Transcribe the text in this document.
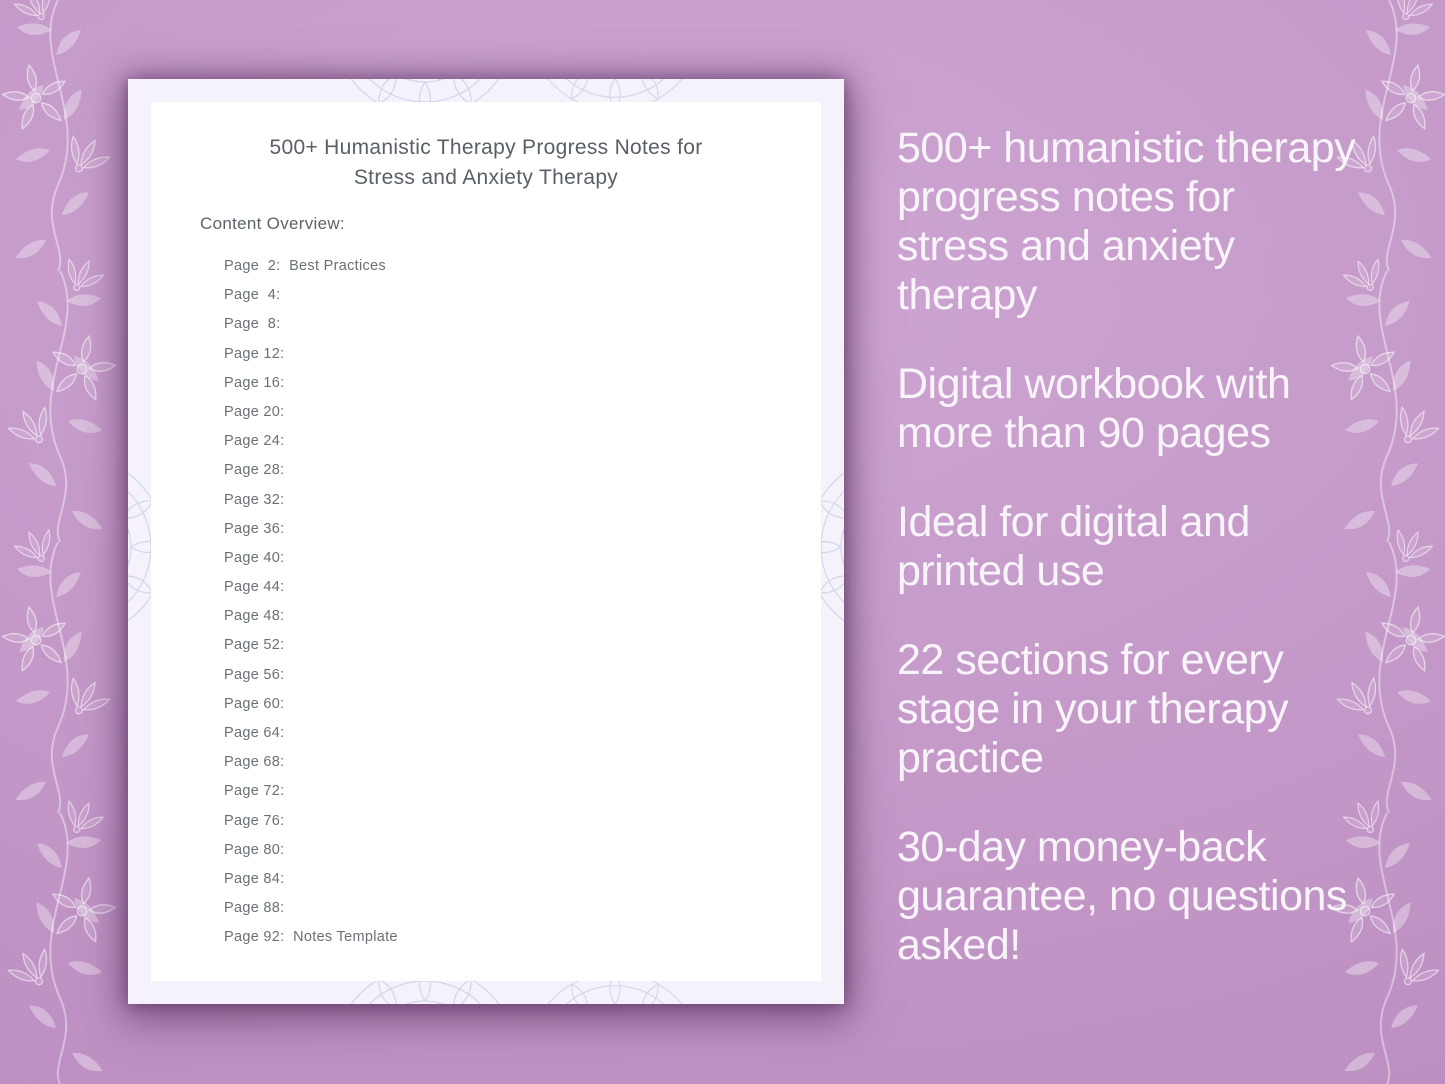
500+ Humanistic Therapy Progress Notes for
Stress and Anxiety Therapy
Content Overview:
Page  2:  Best Practices
Page  4:
Page  8:
Page 12:
Page 16:
Page 20:
Page 24:
Page 28:
Page 32:
Page 36:
Page 40:
Page 44:
Page 48:
Page 52:
Page 56:
Page 60:
Page 64:
Page 68:
Page 72:
Page 76:
Page 80:
Page 84:
Page 88:
Page 92:  Notes Template

500+ humanistic therapy progress notes for stress and anxiety therapy

Digital workbook with more than 90 pages

Ideal for digital and printed use

22 sections for every stage in your therapy practice

30-day money-back guarantee, no questions asked!
